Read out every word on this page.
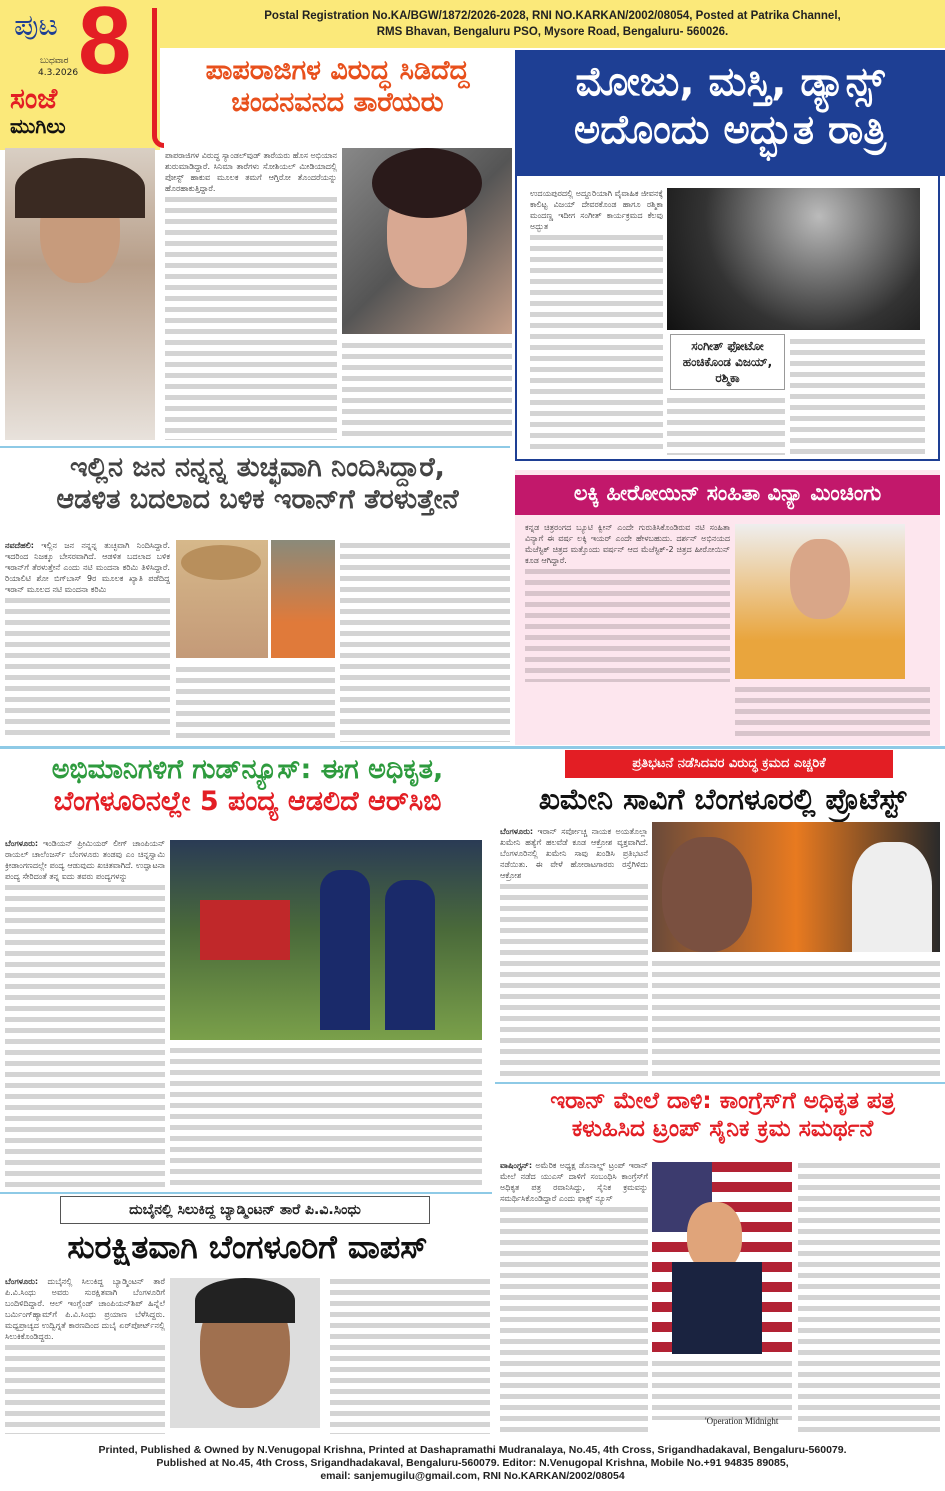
ಪುಟ 8
ಬುಧವಾರ
4.3.2026
ಸಂಜೆ
ಮುಗಿಲು
Postal Registration No.KA/BGW/1872/2026-2028, RNI NO.KARKAN/2002/08054, Posted at Patrika Channel,
RMS Bhavan, Bengaluru PSO, Mysore Road, Bengaluru- 560026.
ಪಾಪರಾಜಿಗಳ ವಿರುದ್ಧ ಸಿಡಿದೆದ್ದ
ಚಂದನವನದ ತಾರೆಯರು

ಪಾಪರಾಜಿಗಳ ವಿರುದ್ಧ ಸ್ಯಾಂಡಲ್‌ವುಡ್ ತಾರೆಯರು ಹೊಸ ಅಭಿಯಾನ ಶುರುಮಾಡಿದ್ದಾರೆ. ಸಿನಿಮಾ ತಾರೆಗಳು ಸೋಶಿಯಲ್ ಮೀಡಿಯಾದಲ್ಲಿ ಪೋಸ್ಟ್ ಹಾಕುವ ಮೂಲಕ ತಮಗೆ ಆಗ್ತಿರೋ ತೊಂದರೆಯನ್ನು ಹೊರಹಾಕುತ್ತಿದ್ದಾರೆ.

ಮೋಜು, ಮಸ್ತಿ, ಡ್ಯಾನ್ಸ್
ಅದೊಂದು ಅದ್ಭುತ ರಾತ್ರಿ

ಉದಯಪುರದಲ್ಲಿ ಅದ್ದೂರಿಯಾಗಿ ವೈವಾಹಿಕ ಜೀವನಕ್ಕೆ ಕಾಲಿಟ್ಟ ವಿಜಯ್ ದೇವರಕೊಂಡ ಹಾಗೂ ರಶ್ಮಿಕಾ ಮಂದಣ್ಣ ಇದೀಗ ಸಂಗೀತ್ ಕಾರ್ಯಕ್ರಮದ ಕೆಲವು ಅದ್ಭುತ

ಸಂಗೀತ್ ಫೋಟೋ ಹಂಚಿಕೊಂಡ ವಿಜಯ್, ರಶ್ಮಿಕಾ
ಇಲ್ಲಿನ ಜನ ನನ್ನನ್ನ ತುಚ್ಛವಾಗಿ ನಿಂದಿಸಿದ್ದಾರೆ,
ಆಡಳಿತ ಬದಲಾದ ಬಳಿಕ ಇರಾನ್‌ಗೆ ತೆರಳುತ್ತೇನೆ

ನವದೆಹಲಿ: ಇಲ್ಲಿನ ಜನ ನನ್ನನ್ನ ತುಚ್ಛವಾಗಿ ನಿಂದಿಸಿದ್ದಾರೆ. ಇದರಿಂದ ನಿಜಕ್ಕೂ ಬೇಸರವಾಗಿದೆ. ಆಡಳಿತ ಬದಲಾದ ಬಳಿಕ ಇರಾನ್‌ಗೆ ತೆರಳುತ್ತೇನೆ ಎಂದು ನಟಿ ಮಂದನಾ ಕರಿಮಿ ತಿಳಿಸಿದ್ದಾರೆ. ರಿಯಾಲಿಟಿ ಶೋ ಬಿಗ್‌ಬಾಸ್ 9ರ ಮೂಲಕ ಖ್ಯಾತಿ ಪಡೆದಿದ್ದ ಇರಾನ್ ಮೂಲದ ನಟಿ ಮಂದನಾ ಕರಿಮಿ

ಲಕ್ಕಿ ಹೀರೋಯಿನ್ ಸಂಹಿತಾ ವಿನ್ಯಾ ಮಿಂಚಿಂಗು

ಕನ್ನಡ ಚಿತ್ರರಂಗದ ಬ್ಯೂಟಿ ಕ್ವೀನ್ ಎಂದೇ ಗುರುತಿಸಿಕೊಂಡಿರುವ ನಟಿ ಸಂಹಿತಾ ವಿನ್ಯಾಗೆ ಈ ವರ್ಷ ಲಕ್ಕಿ ಇಯರ್ ಎಂದೇ ಹೇಳಬಹುದು. ದರ್ಶನ್ ಅಭಿನಯದ ಮೆಜೆಸ್ಟಿಕ್ ಚಿತ್ರದ ಮತ್ತೊಂದು ವರ್ಷನ್ ಆದ ಮೆಜೆಸ್ಟಿಕ್-2 ಚಿತ್ರದ ಹೀರೋಯಿನ್ ಕೂಡ ಆಗಿದ್ದಾರೆ.

ಅಭಿಮಾನಿಗಳಿಗೆ ಗುಡ್‌ನ್ಯೂಸ್: ಈಗ ಅಧಿಕೃತ,
ಬೆಂಗಳೂರಿನಲ್ಲೇ 5 ಪಂದ್ಯ ಆಡಲಿದೆ ಆರ್‌ಸಿಬಿ

ಬೆಂಗಳೂರು: ಇಂಡಿಯನ್ ಪ್ರೀಮಿಯರ್ ಲೀಗ್ ಚಾಂಪಿಯನ್ ರಾಯಲ್ ಚಾಲೆಂಜರ್ಸ್ ಬೆಂಗಳೂರು ತಂಡವು ಎಂ ಚಿನ್ನಸ್ವಾಮಿ ಕ್ರೀಡಾಂಗಣದಲ್ಲೇ ಪಂದ್ಯ ಆಡುವುದು ಖಚಿತವಾಗಿದೆ. ಉದ್ಘಾಟನಾ ಪಂದ್ಯ ಸೇರಿದಂತೆ ತನ್ನ ಐದು ತವರು ಪಂದ್ಯಗಳನ್ನು

ಪ್ರತಿಭಟನೆ ನಡೆಸಿದವರ ವಿರುದ್ಧ ಕ್ರಮದ ಎಚ್ಚರಿಕೆ
ಖಮೇನಿ ಸಾವಿಗೆ ಬೆಂಗಳೂರಲ್ಲಿ ಪ್ರೊಟೆಸ್ಟ್

ಬೆಂಗಳೂರು: ಇರಾನ್ ಸರ್ವೋಚ್ಚ ನಾಯಕ ಅಯತೊಲ್ಲಾ ಖಮೇನಿ ಹತ್ಯೆಗೆ ಹಲವೆಡೆ ಕೂಡ ಆಕ್ರೋಶ ವ್ಯಕ್ತವಾಗಿದೆ. ಬೆಂಗಳೂರಿನಲ್ಲಿ ಖಮೇನಿ ಸಾವು ಖಂಡಿಸಿ ಪ್ರತಿಭಟನೆ ನಡೆಯಿತು. ಈ ವೇಳೆ ಹೋರಾಟಗಾರರು ರಸ್ತೆಗಿಳಿದು ಆಕ್ರೋಶ

ಇರಾನ್ ಮೇಲೆ ದಾಳಿ: ಕಾಂಗ್ರೆಸ್‌ಗೆ ಅಧಿಕೃತ ಪತ್ರ
ಕಳುಹಿಸಿದ ಟ್ರಂಪ್ ಸೈನಿಕ ಕ್ರಮ ಸಮರ್ಥನೆ

ವಾಷಿಂಗ್ಟನ್: ಅಮೆರಿಕ ಅಧ್ಯಕ್ಷ ಡೊನಾಲ್ಡ್ ಟ್ರಂಪ್ ಇರಾನ್ ಮೇಲೆ ನಡೆದ ಯುಎಸ್ ದಾಳಿಗೆ ಸಂಬಂಧಿಸಿ ಕಾಂಗ್ರೆಸ್‌ಗೆ ಅಧಿಕೃತ ಪತ್ರ ರವಾನಿಸಿದ್ದು, ಸೈನಿಕ ಕ್ರಮವನ್ನು ಸಮರ್ಥಿಸಿಕೊಂಡಿದ್ದಾರೆ ಎಂದು ಫಾಕ್ಸ್ ನ್ಯೂಸ್

'Operation Midnight
ದುಬೈನಲ್ಲಿ ಸಿಲುಕಿದ್ದ ಬ್ಯಾಡ್ಮಿಂಟನ್ ತಾರೆ ಪಿ.ವಿ.ಸಿಂಧು
ಸುರಕ್ಷಿತವಾಗಿ ಬೆಂಗಳೂರಿಗೆ ವಾಪಸ್

ಬೆಂಗಳೂರು: ದುಬೈನಲ್ಲಿ ಸಿಲುಕಿದ್ದ ಬ್ಯಾಡ್ಮಿಂಟನ್ ತಾರೆ ಪಿ.ವಿ.ಸಿಂಧು ಅವರು ಸುರಕ್ಷಿತವಾಗಿ ಬೆಂಗಳೂರಿಗೆ ಬಂದಿಳಿದಿದ್ದಾರೆ. ಆಲ್ ಇಂಗ್ಲೆಂಡ್ ಚಾಂಪಿಯನ್‌ಶಿಪ್ ಹಿನ್ನೆಲೆ ಬರ್ಮಿಂಗ್‌ಹ್ಯಾಮ್‌ಗೆ ಪಿ.ವಿ.ಸಿಂಧು ಪ್ರಯಾಣ ಬೆಳೆಸಿದ್ದರು. ಮಧ್ಯಪ್ರಾಚ್ಯದ ಉದ್ವಿಗ್ನತೆ ಕಾರಣದಿಂದ ದುಬೈ ಏರ್‌ಪೋರ್ಟ್‌ನಲ್ಲಿ ಸಿಲುಕಿಕೊಂಡಿದ್ದರು.

Printed, Published & Owned by N.Venugopal Krishna, Printed at Dashapramathi Mudranalaya, No.45, 4th Cross, Srigandhadakaval, Bengaluru-560079.
Published at No.45, 4th Cross, Srigandhadakaval, Bengaluru-560079. Editor: N.Venugopal Krishna, Mobile No.+91 94835 89085,
email: sanjemugilu@gmail.com, RNI No.KARKAN/2002/08054
